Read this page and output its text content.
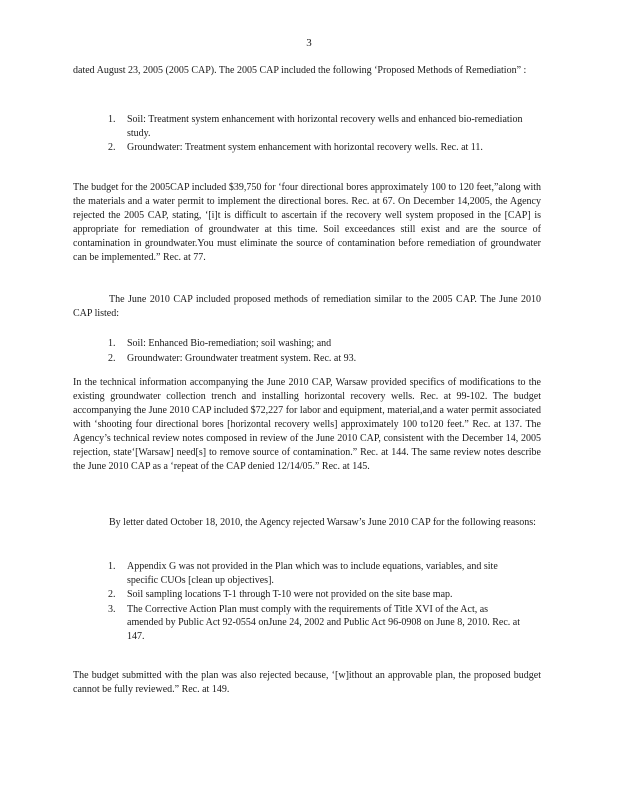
3

dated August 23, 2005 (2005 CAP). The 2005 CAP included the following ‘Proposed Methods of Remediation” :

1. Soil: Treatment system enhancement with horizontal recovery wells and enhanced bio-remediation study.
2. Groundwater: Treatment system enhancement with horizontal recovery wells. Rec. at 11.

The budget for the 2005CAP included $39,750 for ‘four directional bores approximately 100 to 120 feet,”along with the materials and a water permit to implement the directional bores. Rec. at 67. On December 14,2005, the Agency rejected the 2005 CAP, stating, ‘[i]t is difficult to ascertain if the recovery well system proposed in the [CAP] is appropriate for remediation of groundwater at this time. Soil exceedances still exist and are the source of contamination in groundwater.You must eliminate the source of contamination before remediation of groundwater can be implemented.” Rec. at 77.

The June 2010 CAP included proposed methods of remediation similar to the 2005 CAP. The June 2010 CAP listed:

1. Soil: Enhanced Bio-remediation; soil washing; and
2. Groundwater: Groundwater treatment system. Rec. at 93.

In the technical information accompanying the June 2010 CAP, Warsaw provided specifics of modifications to the existing groundwater collection trench and installing horizontal recovery wells. Rec. at 99-102. The budget accompanying the June 2010 CAP included $72,227 for labor and equipment, material,and a water permit associated with ‘shooting four directional bores [horizontal recovery wells] approximately 100 to120 feet.” Rec. at 137. The Agency’s technical review notes composed in review of the June 2010 CAP, consistent with the December 14, 2005 rejection, state‘[Warsaw] need[s] to remove source of contamination.” Rec. at 144. The same review notes describe the June 2010 CAP as a ‘repeat of the CAP denied 12/14/05.” Rec. at 145.

By letter dated October 18, 2010, the Agency rejected Warsaw’s June 2010 CAP for the following reasons:

1. Appendix G was not provided in the Plan which was to include equations, variables, and site specific CUOs [clean up objectives].
2. Soil sampling locations T-1 through T-10 were not provided on the site base map.
3. The Corrective Action Plan must comply with the requirements of Title XVI of the Act, as amended by Public Act 92-0554 onJune 24, 2002 and Public Act 96-0908 on June 8, 2010. Rec. at 147.

The budget submitted with the plan was also rejected because, ‘[w]ithout an approvable plan, the proposed budget cannot be fully reviewed.” Rec. at 149.
